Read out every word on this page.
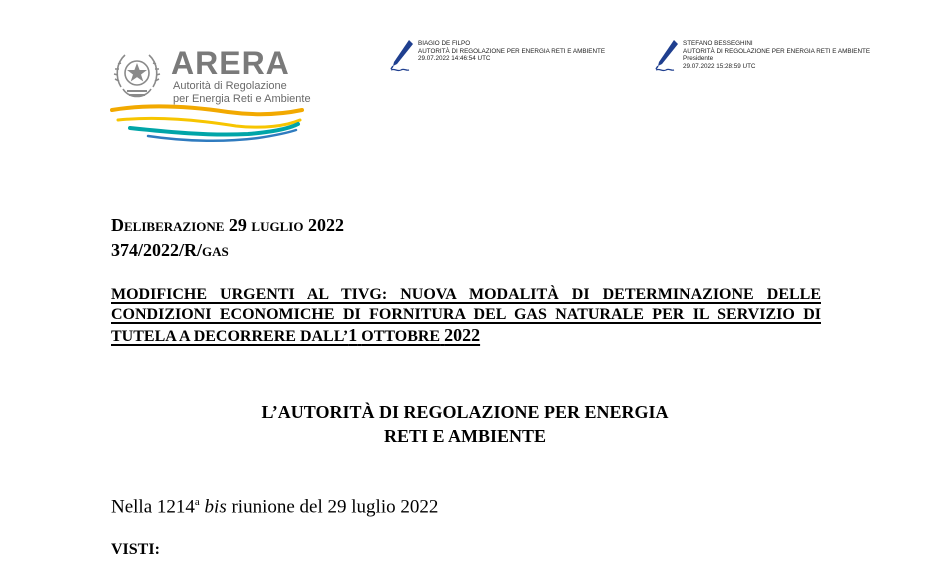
ARERA
Autorità di Regolazione
per Energia Reti e Ambiente
BIAGIO DE FILPO
AUTORITÀ DI REGOLAZIONE PER ENERGIA RETI E AMBIENTE
29.07.2022 14:46:54 UTC
STEFANO BESSEGHINI
AUTORITÀ DI REGOLAZIONE PER ENERGIA RETI E AMBIENTE
Presidente
29.07.2022 15:28:59 UTC
Deliberazione 29 luglio 2022
374/2022/R/gas
MODIFICHE URGENTI AL TIVG: NUOVA MODALITÀ DI DETERMINAZIONE DELLE
CONDIZIONI ECONOMICHE DI FORNITURA DEL GAS NATURALE PER IL SERVIZIO DI
TUTELA A DECORRERE DALL’1 OTTOBRE 2022
L’AUTORITÀ DI REGOLAZIONE PER ENERGIA
RETI E AMBIENTE
Nella 1214$^a$ bis riunione del 29 luglio 2022
VISTI:
